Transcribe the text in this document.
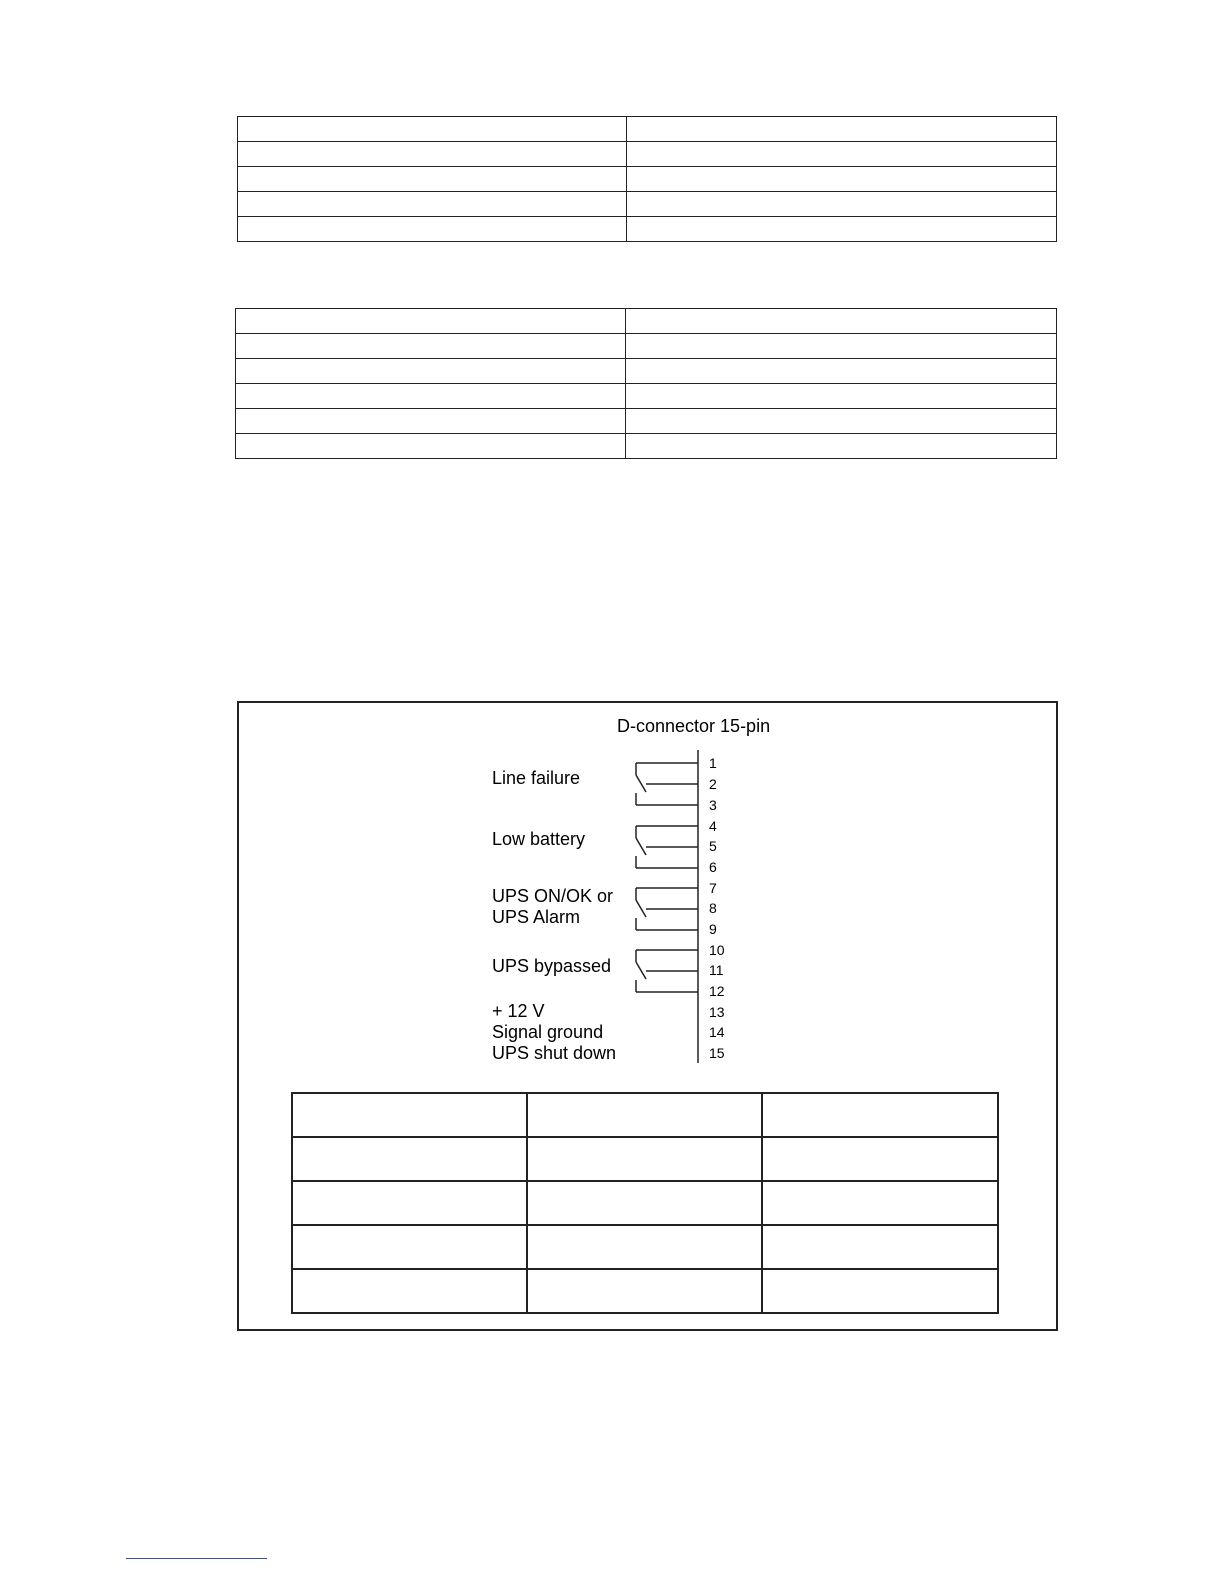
D-connector 15-pin
Line failure
Low battery
UPS ON/OK or
UPS Alarm
UPS bypassed
+ 12 V
Signal ground
UPS shut down
1
2
3
4
5
6
7
8
9
10
11
12
13
14
15
